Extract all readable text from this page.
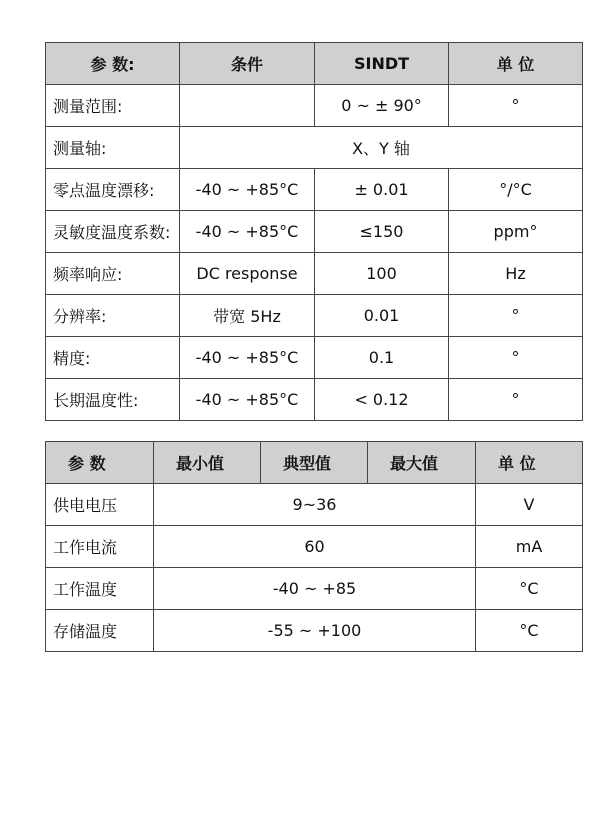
参 数:	条件	SINDT	单 位
测量范围:		0 ~ ± 90°	°
测量轴:	X、Y 轴		
零点温度漂移:	-40 ~ +85°C	± 0.01	°/°C
灵敏度温度系数:	-40 ~ +85°C	≤150	ppm°
频率响应:	DC response	100	Hz
分辨率:	带宽 5Hz	0.01	°
精度:	-40 ~ +85°C	0.1	°
长期温度性:	-40 ~ +85°C	< 0.12	°
参 数	最小值	典型值	最大值	单 位
供电电压	9~36			V
工作电流	60			mA
工作温度	-40 ~ +85			°C
存储温度	-55 ~ +100			°C
